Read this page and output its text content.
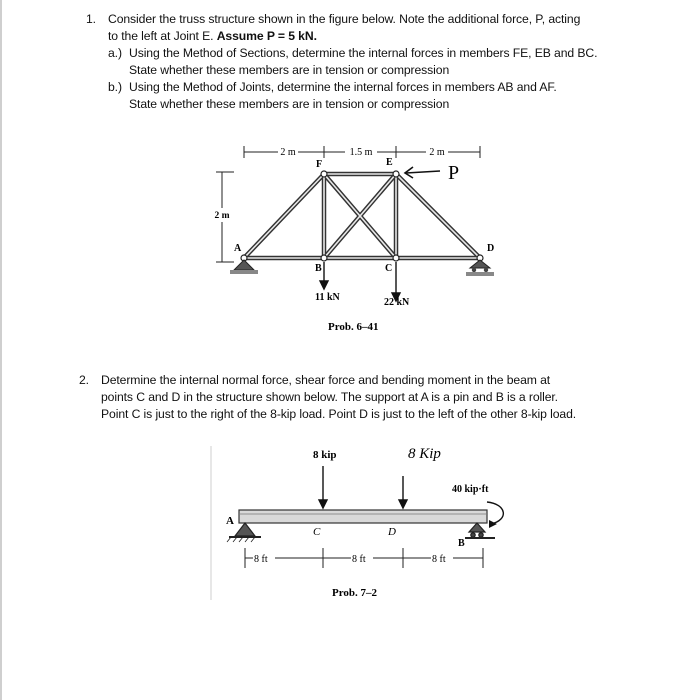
1. Consider the truss structure shown in the figure below. Note the additional force, P, acting
to the left at Joint E. Assume P = 5 kN.
a.) Using the Method of Sections, determine the internal forces in members FE, EB and BC.
State whether these members are in tension or compression
b.) Using the Method of Joints, determine the internal forces in members AB and AF.
State whether these members are in tension or compression
2 m	1.5 m	2 m
2 m
F	E
A
B	C
D
P
11 kN	22 kN
Prob. 6–41
2. Determine the internal normal force, shear force and bending moment in the beam at
points C and D in the structure shown below. The support at A is a pin and B is a roller.
Point C is just to the right of the 8-kip load. Point D is just to the left of the other 8-kip load.
A
B
C	D
8 kip	8 Kip
40 kip·ft
8 ft	8 ft	8 ft
Prob. 7–2
